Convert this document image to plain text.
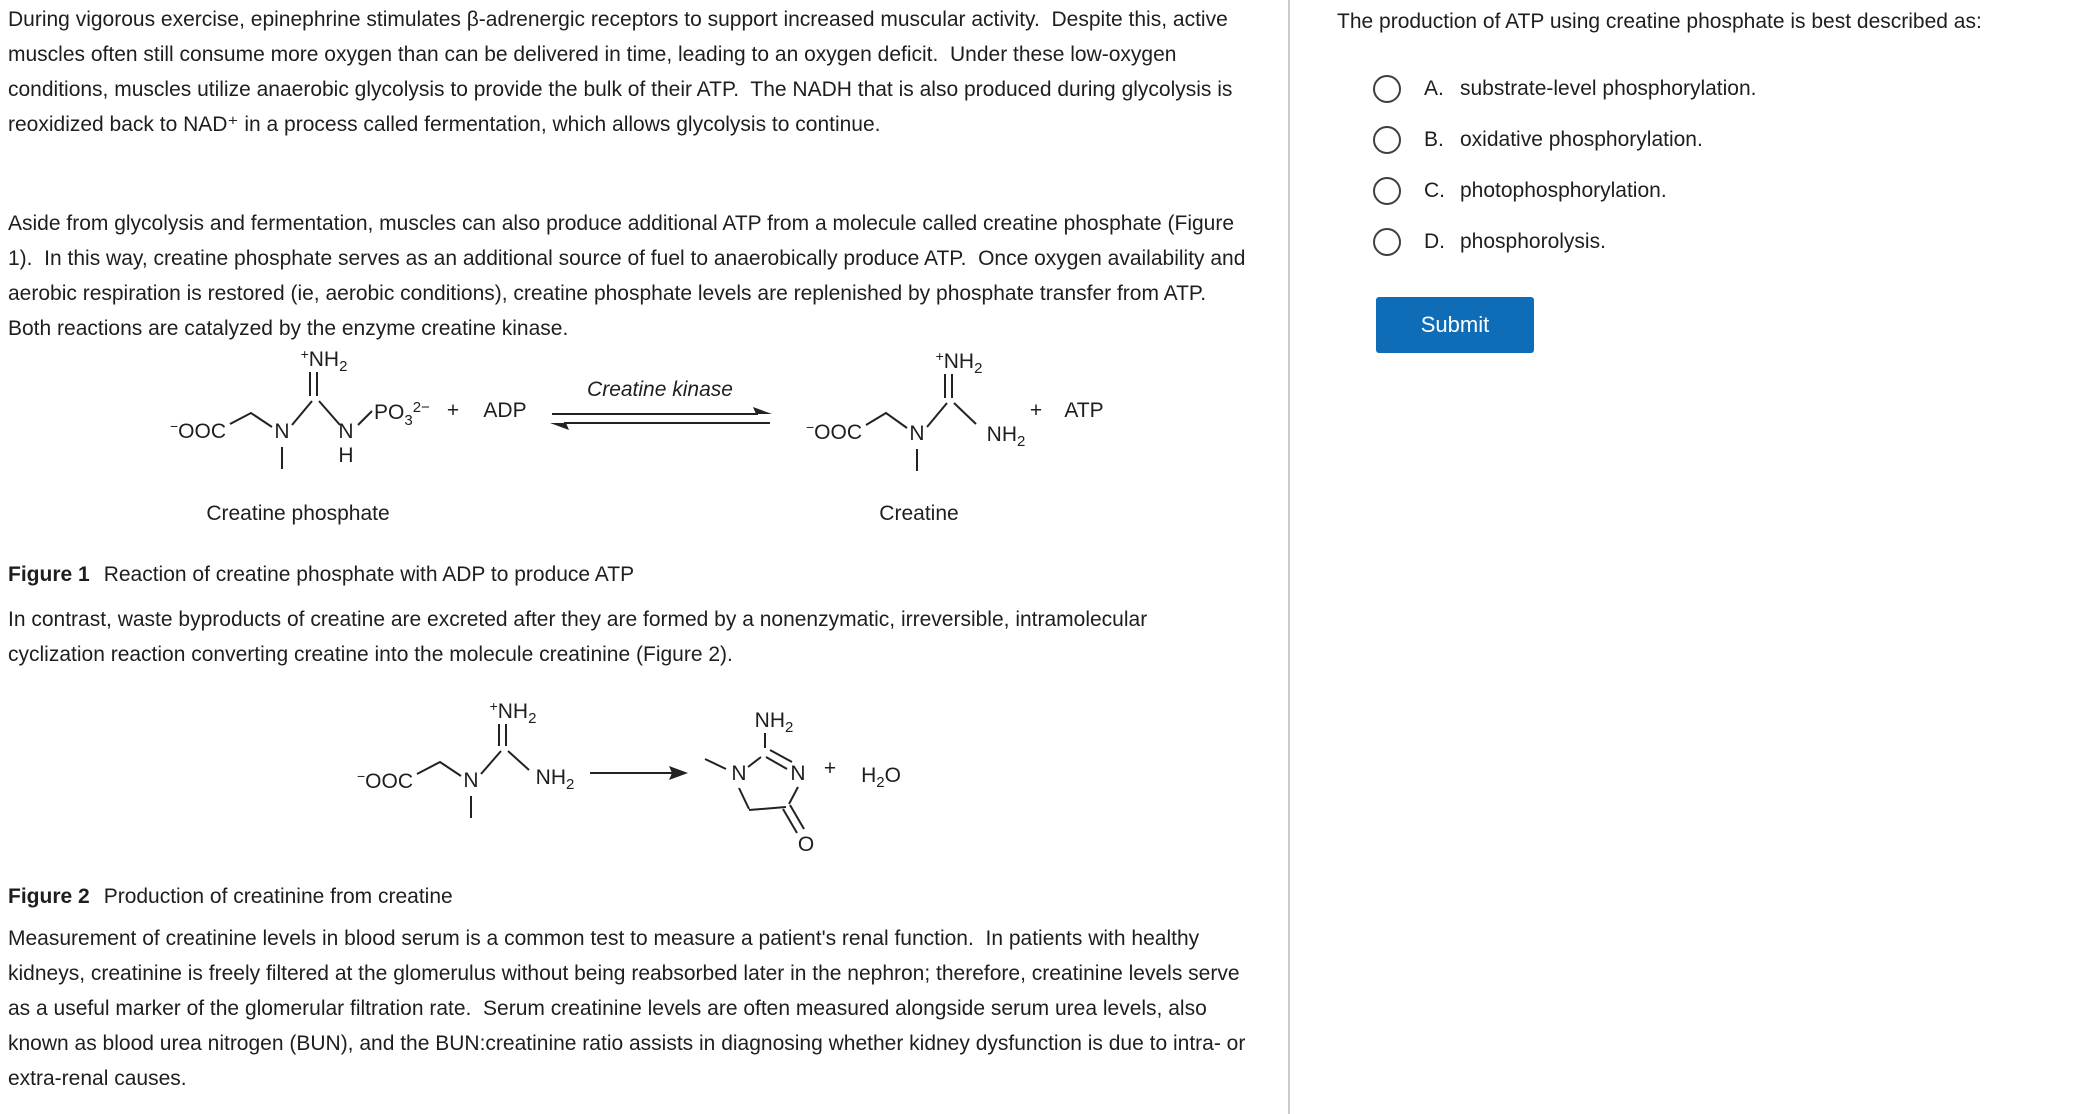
During vigorous exercise, epinephrine stimulates β-adrenergic receptors to support increased muscular activity.  Despite this, active muscles often still consume more oxygen than can be delivered in time, leading to an oxygen deficit.  Under these low-oxygen conditions, muscles utilize anaerobic glycolysis to provide the bulk of their ATP.  The NADH that is also produced during glycolysis is reoxidized back to NAD⁺ in a process called fermentation, which allows glycolysis to continue.
Aside from glycolysis and fermentation, muscles can also produce additional ATP from a molecule called creatine phosphate (Figure 1).  In this way, creatine phosphate serves as an additional source of fuel to anaerobically produce ATP.  Once oxygen availability and aerobic respiration is restored (ie, aerobic conditions), creatine phosphate levels are replenished by phosphate transfer from ATP.  Both reactions are catalyzed by the enzyme creatine kinase.
−OOC N
$^+NH_2$
N
H
$PO_3^{2-}$ + ADP
Creatine kinase
−OOC N
$^+NH_2$
$NH_2$
+ ATP
Creatine phosphate	Creatine
Figure 1 Reaction of creatine phosphate with ADP to produce ATP
In contrast, waste byproducts of creatine are excreted after they are formed by a nonenzymatic, irreversible, intramolecular cyclization reaction converting creatine into the molecule creatinine (Figure 2).
−OOC N
$^+NH_2$
$NH_2$	N
$NH_2$
N
O
+ $H_2O$
Figure 2 Production of creatinine from creatine
Measurement of creatinine levels in blood serum is a common test to measure a patient's renal function.  In patients with healthy kidneys, creatinine is freely filtered at the glomerulus without being reabsorbed later in the nephron; therefore, creatinine levels serve as a useful marker of the glomerular filtration rate.  Serum creatinine levels are often measured alongside serum urea levels, also known as blood urea nitrogen (BUN), and the BUN:creatinine ratio assists in diagnosing whether kidney dysfunction is due to intra- or extra-renal causes.
The production of ATP using creatine phosphate is best described as:
A. substrate-level phosphorylation.
B. oxidative phosphorylation.
C. photophosphorylation.
D. phosphorolysis.
Submit
